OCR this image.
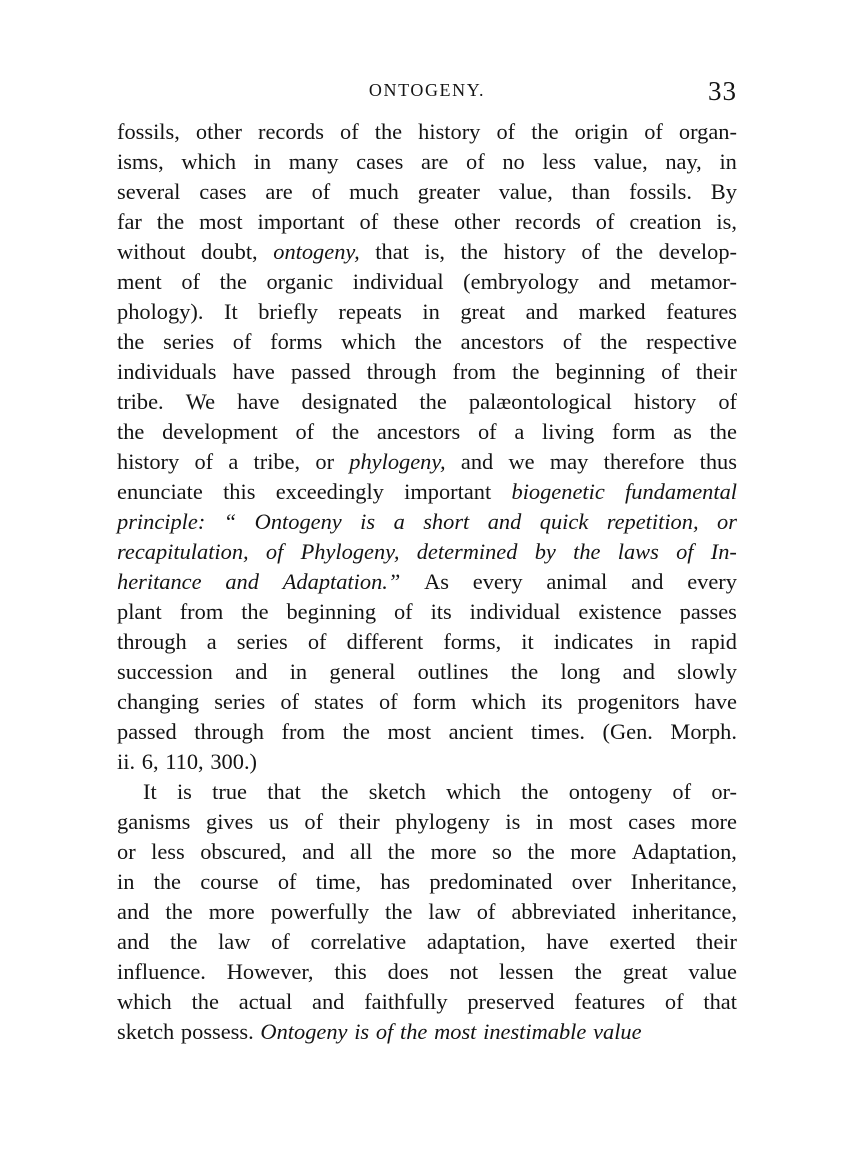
ONTOGENY.	33
fossils, other records of the history of the origin of organ-
isms, which in many cases are of no less value, nay, in
several cases are of much greater value, than fossils. By
far the most important of these other records of creation is,
without doubt, ontogeny, that is, the history of the develop-
ment of the organic individual (embryology and metamor-
phology). It briefly repeats in great and marked features
the series of forms which the ancestors of the respective
individuals have passed through from the beginning of their
tribe. We have designated the palæontological history of
the development of the ancestors of a living form as the
history of a tribe, or phylogeny, and we may therefore thus
enunciate this exceedingly important biogenetic fundamental
principle: “ Ontogeny is a short and quick repetition, or
recapitulation, of Phylogeny, determined by the laws of In-
heritance and Adaptation.” As every animal and every
plant from the beginning of its individual existence passes
through a series of different forms, it indicates in rapid
succession and in general outlines the long and slowly
changing series of states of form which its progenitors have
passed through from the most ancient times. (Gen. Morph.
ii. 6, 110, 300.)
It is true that the sketch which the ontogeny of or-
ganisms gives us of their phylogeny is in most cases more
or less obscured, and all the more so the more Adaptation,
in the course of time, has predominated over Inheritance,
and the more powerfully the law of abbreviated inheritance,
and the law of correlative adaptation, have exerted their
influence. However, this does not lessen the great value
which the actual and faithfully preserved features of that
sketch possess. Ontogeny is of the most inestimable value
